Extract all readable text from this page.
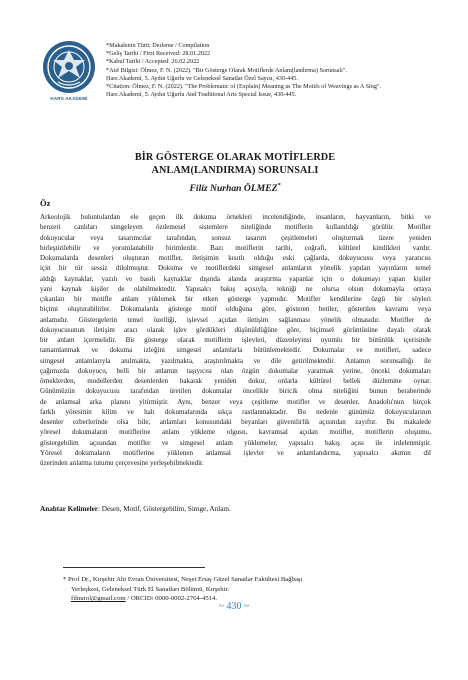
HARS AKADEMI
*Makalenin Türü: Derleme / Compilation
*Geliş Tarihi / First Received: 28.01.2022
*Kabul Tarihi / Accepted: 26.02.2022
*Atıf Bilgisi: Ölmez, F. N. (2022). "Bir Gösterge Olarak Motiflerde Anlam(landırma) Sorunsalı".
Hars Akademi, 5. Aydın Uğurlu ve Geleneksel Sanatlar Özel Sayısı, 430-445.
*Citation: Ölmez, F. N. (2022). "The Problematic of (Explain) Meaning as The Motifs of Weavings as A Sing".
Hars Akademi, 5. Aydın Uğurlu And Traditional Arts Special Issue, 430-445.
BİR GÖSTERGE OLARAK MOTİFLERDE
ANLAM(LANDIRMA) SORUNSALI
Filiz Nurhan ÖLMEZ*
Öz
Arkeolojik buluntulardan ele geçen ilk dokuma örnekleri incelendiğinde, insanların, hayvanların, bitki ve
benzeri canlıları simgeleyen özdemesel sistemlere niteliğinde motiflerin kullanıldığı görülür. Motifler
dokuyucular veya tasarımcılar tarafından, sonsuz tasarım çeşitlemeleri oluşturmak üzere yeniden
birleştirilebilir ve yorumlanabilir birimlerdir. Bazı motiflerin tarihi, coğrafi, kültürel kimlikleri vardır.
Dokumalarda desenleri oluşturan motifler, iletişimin kısıtlı olduğu eski çağlarda, dokuyucusu veya yaratıcısı
için bir tür sessiz dilolmuştur. Dokuma ve motiflerdeki simgesel anlamların yönelik yapılan yayınların temel
aldığı kaynaklar, yazılı ve basılı kaynaklar dışında alanda araştırma yapanlar için o dokumayı yapan kişiler
yani kaynak kişiler de olabilmektedir. Yapısalcı bakış açısıyla, tekniği ne olursa olsun dokumayla ortaya
çıkanları bir motifle anlam yüklemek bir etken gösterge yapmıdır. Motifler kendilerine özgü bir söyleri
biçimi oluşturabilirler. Dokumalarda gösterge motif olduğuna göre, gösteren betiler, gösterilen kavramı veya
anlamıdır. Göstergelerin temel özelliği, işlevsel açıdan iletişim sağlanması yönelik olmasıdır. Motifler de
dokuyucusunun iletişim aracı olarak işlev gördükleri düşünüldüğüne göre, biçimsel görüntüsüne dayalı olarak
bir anlam içermelidir. Bir gösterge olarak motiflerin işlevleri, düzenleyinsi uyumlu bir bütünlük içerisinde
tamamlanmak ve dokuma izleğini simgesel anlamlarla bütünlemektedir. Dokumalar ve motifleri, sadece
simgesel anlamlarıyla anılmakta, yazılmakta, araştırılmakta ve dile getirilmektedir. Anlamın sorunsallığı ile
çağımızda dokuyucu, belli bir anlamın taşıyıcısı olan özgün dokumalar yaratmak yerine, önceki dokumaları
örneklerden, modellerden desenlerden bakarak yeniden dokur, onlarla kültürel bellek düzlemine oynar.
Günümüzün dokuyucusu tarafından üretilen dokumalar öncelikle biricik olma niteliğini bunun beraberinde
de anlamsal arka planını yitirmiştir. Aynı, benzer veya çeşitleme motifler ve desenler, Anadolu'nun birçok
farklı yöresinin kilim ve halı dokumalarında sıkça rastlanmaktadır. Bu nedenle günümüz dokuyucularının
desenler ezberlerinde olsa bile, anlamları konusundaki beyanları güvenilirlik açısından zayıftır. Bu makalede
yöresel dokumaların motiflerine anlam yükleme olgusu, kavramsal açıdan motifler, motiflerin oluşumu,
göstergebilim açısından motifler ve simgesel anlam yüklemeler, yapısalcı bakış açısı ile irdelenmiştir.
Yöresel dokumaların motiflerine yüklenen anlamsal işlevler ve anlamlandırma, yapısalcı akımın dil
üzerinden anlatma tutumu çerçevesine yerleşebilmektedir.
Anahtar Kelimeler: Desen, Motif, Göstergebilim, Simge, Anlam.
* Prof Dr., Kırşehir Ahi Evran Üniversitesi, Neşet Ertaş Güzel Sanatlar Fakültesi Bağbaşı
Yerleşkesi, Geleneksel Türk El Sanatları Bölümü, Kırşehir.
filnurol@gmail.com / ORCID: 0000-0002-2764-4514.
~ 430 ~
